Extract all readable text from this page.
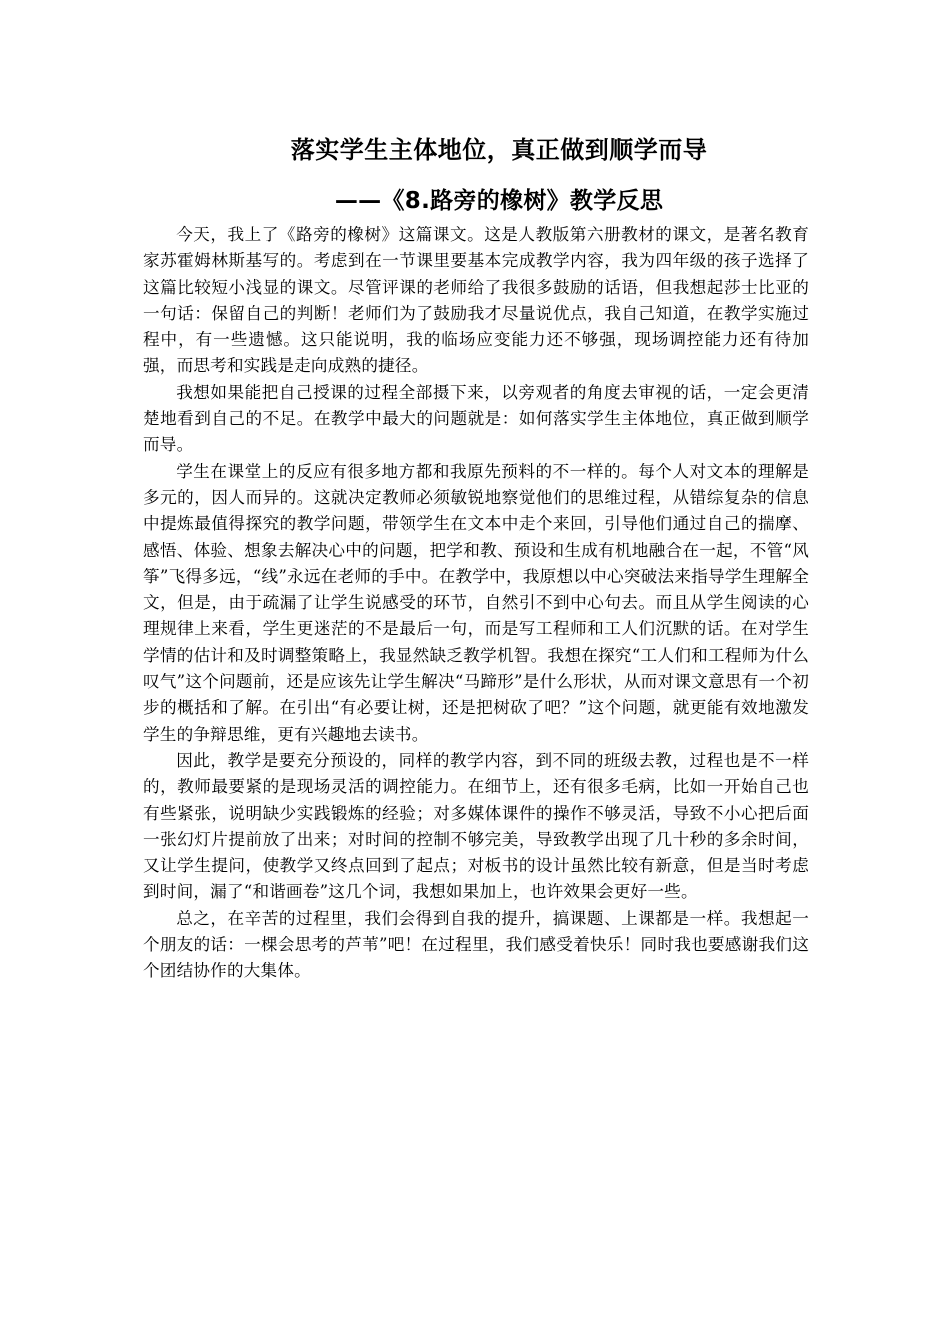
落实学生主体地位，真正做到顺学而导
——《8.路旁的橡树》教学反思

今天，我上了《路旁的橡树》这篇课文。这是人教版第六册教材的课文，是著名教育家苏霍姆林斯基写的。考虑到在一节课里要基本完成教学内容，我为四年级的孩子选择了这篇比较短小浅显的课文。尽管评课的老师给了我很多鼓励的话语，但我想起莎士比亚的一句话：保留自己的判断！老师们为了鼓励我才尽量说优点，我自己知道，在教学实施过程中，有一些遗憾。这只能说明，我的临场应变能力还不够强，现场调控能力还有待加强，而思考和实践是走向成熟的捷径。

我想如果能把自己授课的过程全部摄下来，以旁观者的角度去审视的话，一定会更清楚地看到自己的不足。在教学中最大的问题就是：如何落实学生主体地位，真正做到顺学而导。

学生在课堂上的反应有很多地方都和我原先预料的不一样的。每个人对文本的理解是多元的，因人而异的。这就决定教师必须敏锐地察觉他们的思维过程，从错综复杂的信息中提炼最值得探究的教学问题，带领学生在文本中走个来回，引导他们通过自己的揣摩、感悟、体验、想象去解决心中的问题，把学和教、预设和生成有机地融合在一起，不管“风筝”飞得多远，“线”永远在老师的手中。在教学中，我原想以中心突破法来指导学生理解全文，但是，由于疏漏了让学生说感受的环节，自然引不到中心句去。而且从学生阅读的心理规律上来看，学生更迷茫的不是最后一句，而是写工程师和工人们沉默的话。在对学生学情的估计和及时调整策略上，我显然缺乏教学机智。我想在探究“工人们和工程师为什么叹气”这个问题前，还是应该先让学生解决“马蹄形”是什么形状，从而对课文意思有一个初步的概括和了解。在引出“有必要让树，还是把树砍了吧？”这个问题，就更能有效地激发学生的争辩思维，更有兴趣地去读书。

因此，教学是要充分预设的，同样的教学内容，到不同的班级去教，过程也是不一样的，教师最要紧的是现场灵活的调控能力。在细节上，还有很多毛病，比如一开始自己也有些紧张，说明缺少实践锻炼的经验；对多媒体课件的操作不够灵活，导致不小心把后面一张幻灯片提前放了出来；对时间的控制不够完美，导致教学出现了几十秒的多余时间，又让学生提问，使教学又终点回到了起点；对板书的设计虽然比较有新意，但是当时考虑到时间，漏了“和谐画卷”这几个词，我想如果加上，也许效果会更好一些。

总之，在辛苦的过程里，我们会得到自我的提升，搞课题、上课都是一样。我想起一个朋友的话：一棵会思考的芦苇”吧！在过程里，我们感受着快乐！同时我也要感谢我们这个团结协作的大集体。
